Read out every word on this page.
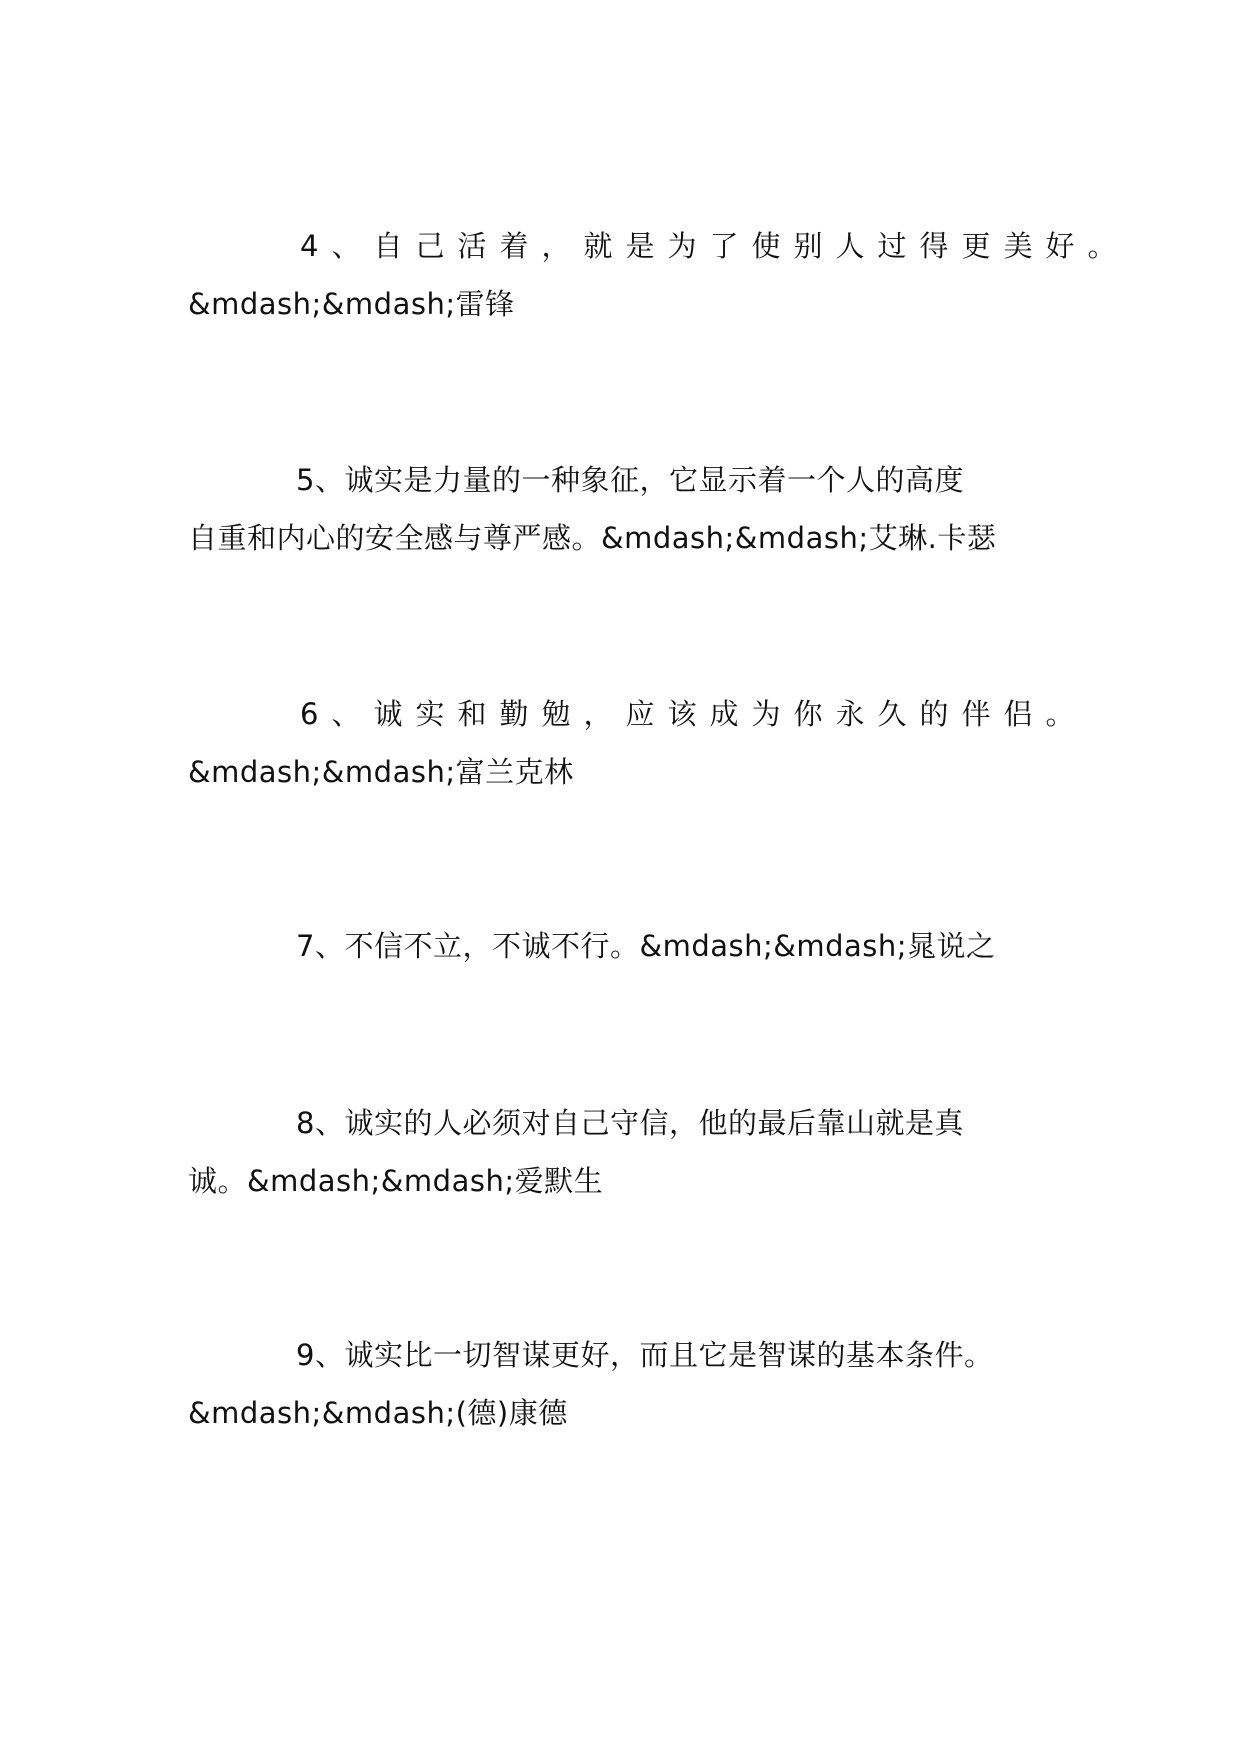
4、自己活着，就是为了使别人过得更美好。
&mdash;&mdash;雷锋
5、诚实是力量的一种象征，它显示着一个人的高度
自重和内心的安全感与尊严感。&mdash;&mdash;艾琳.卡瑟
6、诚实和勤勉，应该成为你永久的伴侣。
&mdash;&mdash;富兰克林
7、不信不立，不诚不行。&mdash;&mdash;晁说之
8、诚实的人必须对自己守信，他的最后靠山就是真
诚。&mdash;&mdash;爱默生
9、诚实比一切智谋更好，而且它是智谋的基本条件。
&mdash;&mdash;(德)康德
